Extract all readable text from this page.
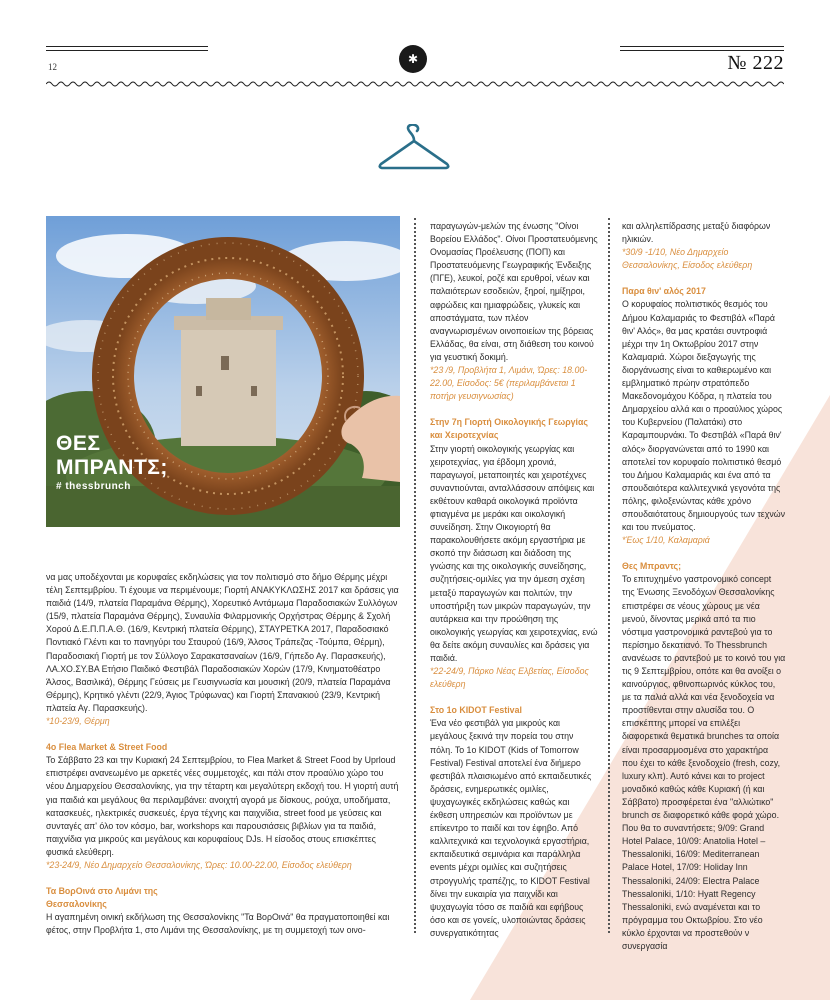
12
✱	№ 222
ΘΕΣ
ΜΠΡΑΝΤΣ;
# thessbrunch

να μας υποδέχονται με κορυφαίες εκδηλώσεις για τον πολιτισμό στο δήμο Θέρμης μέχρι τέλη Σεπτεμβρίου. Τι έχουμε να περιμένουμε; Γιορτή ΑΝΑΚΥΚΛΩΣΗΣ 2017 και δράσεις για παιδιά (14/9, πλατεία Παραμάνα Θέρμης), Χορευτικό Αντάμωμα Παραδοσιακών Συλλόγων (15/9, πλατεία Παραμάνα Θέρμης), Συναυλία Φιλαρμονικής Ορχήστρας Θέρμης & Σχολή Χορού Δ.Ε.Π.Π.Α.Θ. (16/9, Κεντρική πλατεία Θέρμης), ΣΤΑΥΡΕΤΚΑ 2017, Παραδοσιακό Ποντιακό Γλέντι και το πανηγύρι του Σταυρού (16/9, Άλσος Τράπεζας -Τούμπα, Θέρμη), Παραδοσιακή Γιορτή με τον Σύλλογο Σαρακατσαναίων (16/9, Γήπεδο Αγ. Παρασκευής), ΛΑ.ΧΟ.ΣΥ.ΒΑ Ετήσιο Παιδικό Φεστιβάλ Παραδοσιακών Χορών (17/9, Κινηματοθέατρο Άλσος, Βασιλικά), Θέρμης Γεύσεις με Γευσιγνωσία και μουσική (20/9, πλατεία Παραμάνα Θέρμης), Κρητικό γλέντι (22/9, Άγιος Τρύφωνας) και Γιορτή Σπανακιού (23/9, Κεντρική πλατεία Αγ. Παρασκευής).

*10-23/9, Θέρμη

4ο Flea Market & Street Food

Το Σάββατο 23 και την Κυριακή 24 Σεπτεμβρίου, το Flea Market & Street Food by Uprloud επιστρέφει ανανεωμένο με αρκετές νέες συμμετοχές, και πάλι στον προαύλιο χώρο του νέου Δημαρχείου Θεσσαλονίκης, για την τέταρτη και μεγαλύτερη εκδοχή του. Η γιορτή αυτή για παιδιά και μεγάλους θα περιλαμβάνει: ανοιχτή αγορά με δίσκους, ρούχα, υποδήματα, κατασκευές, ηλεκτρικές συσκευές, έργα τέχνης και παιχνίδια, street food με γεύσεις και συνταγές απ' όλο τον κόσμο, bar, workshops και παρουσιάσεις βιβλίων για τα παιδιά, παιχνίδια για μικρούς και μεγάλους και κορυφαίους DJs. Η είσοδος στους επισκέπτες φυσικά ελεύθερη.

*23-24/9, Νέο Δημαρχείο Θεσσαλονίκης, Ώρες: 10.00-22.00, Είσοδος ελεύθερη

Τα ΒορΟινά στο Λιμάνι της

Θεσσαλονίκης

Η αγαπημένη οινική εκδήλωση της Θεσσαλονίκης "Τα ΒορΟινά" θα πραγματοποιηθεί και φέτος, στην Προβλήτα 1, στο Λιμάνι της Θεσσαλονίκης, με τη συμμετοχή των οινο-

παραγωγών-μελών της ένωσης "Οίνοι Βορείου Ελλάδος". Οίνοι Προστατευόμενης Ονομασίας Προέλευσης (ΠΟΠ) και Προστατευόμενης Γεωγραφικής Ένδειξης (ΠΓΕ), λευκοί, ροζέ και ερυθροί, νέων και παλαιότερων εσοδειών, ξηροί, ημίξηροι, αφρώδεις και ημιαφρώδεις, γλυκείς και αποστάγματα, των πλέον αναγνωρισμένων οινοποιείων της βόρειας Ελλάδας, θα είναι, στη διάθεση του κοινού για γευστική δοκιμή.

*23 /9, Προβλήτα 1, Λιμάνι, Ώρες: 18.00-22.00, Είσοδος: 5€ (περιλαμβάνεται 1 ποτήρι γευσιγνωσίας)

Στην 7η Γιορτή Οικολογικής Γεωργίας και Χειροτεχνίας

Στην γιορτή οικολογικής γεωργίας και χειροτεχνίας, για έβδομη χρονιά, παραγωγοί, μεταποιητές και χειροτέχνες συναντιούνται, ανταλλάσσουν απόψεις και εκθέτουν καθαρά οικολογικά προϊόντα φτιαγμένα με μεράκι και οικολογική συνείδηση. Στην Οικογιορτή θα παρακολουθήσετε ακόμη εργαστήρια με σκοπό την διάσωση και διάδοση της γνώσης και της οικολογικής συνείδησης, συζητήσεις-ομιλίες για την άμεση σχέση μεταξύ παραγωγών και πολιτών, την υποστήριξη των μικρών παραγωγών, την αυτάρκεια και την προώθηση της οικολογικής γεωργίας και χειροτεχνίας, ενώ θα δείτε ακόμη συναυλίες και δράσεις για παιδιά.

*22-24/9, Πάρκο Νέας Ελβετίας, Είσοδος ελεύθερη

Στο 1ο KIDOT Festival

Ένα νέο φεστιβάλ για μικρούς και μεγάλους ξεκινά την πορεία του στην πόλη. Το 1ο KIDOT (Kids of Tomorrow Festival) Festival αποτελεί ένα διήμερο φεστιβάλ πλαισιωμένο από εκπαιδευτικές δράσεις, ενημερωτικές ομιλίες, ψυχαγωγικές εκδηλώσεις καθώς και έκθεση υπηρεσιών και προϊόντων με επίκεντρο το παιδί και τον έφηβο. Από καλλιτεχνικά και τεχνολογικά εργαστήρια, εκπαιδευτικά σεμινάρια και παράλληλα events μέχρι ομιλίες και συζητήσεις στρογγυλής τραπέζης, το KIDOT Festival δίνει την ευκαιρία για παιχνίδι και ψυχαγωγία τόσο σε παιδιά και εφήβους όσο και σε γονείς, υλοποιώντας δράσεις συνεργατικότητας

και αλληλεπίδρασης μεταξύ διαφόρων ηλικιών.

*30/9 -1/10, Νέο Δημαρχείο Θεσσαλονίκης, Είσοδος ελεύθερη

Παρα θιν' αλός 2017

Ο κορυφαίος πολιτιστικός θεσμός του Δήμου Καλαμαριάς το Φεστιβάλ «Παρά θιν' Αλός», θα μας κρατάει συντροφιά μέχρι την 1η Οκτωβρίου 2017 στην Καλαμαριά. Χώροι διεξαγωγής της διοργάνωσης είναι το καθιερωμένο και εμβληματικό πρώην στρατόπεδο Μακεδονομάχου Κόδρα, η πλατεία του Δημαρχείου αλλά και ο προαύλιος χώρος του Κυβερνείου (Παλατάκι) στο Καραμπουρνάκι. Το Φεστιβάλ «Παρά θιν' αλός» διοργανώνεται από το 1990 και αποτελεί τον κορυφαίο πολιτιστικό θεσμό του Δήμου Καλαμαριάς και ένα από τα σπουδαιότερα καλλιτεχνικά γεγονότα της πόλης, φιλοξενώντας κάθε χρόνο σπουδαιότατους δημιουργούς των τεχνών και του πνεύματος.

*Έως 1/10, Καλαμαριά

Θες Μπραντς;

Το επιτυχημένο γαστρονομικό concept της Ένωσης Ξενοδόχων Θεσσαλονίκης επιστρέφει σε νέους χώρους με νέα μενού, δίνοντας μερικά από τα πιο νόστιμα γαστρονομικά ραντεβού για το περίσημο δεκατιανό. Το Thessbrunch ανανέωσε το ραντεβού με το κοινό του για τις 9 Σεπτεμβρίου, οπότε και θα ανοίξει ο καινούργιος, φθινοπωρινός κύκλος του, με τα παλιά αλλά και νέα ξενοδοχεία να προστίθενται στην αλυσίδα του. Ο επισκέπτης μπορεί να επιλέξει διαφορετικά θεματικά brunches τα οποία είναι προσαρμοσμένα στο χαρακτήρα που έχει το κάθε ξενοδοχείο (fresh, cozy, luxury κλπ). Αυτό κάνει και το project μοναδικό καθώς κάθε Κυριακή (ή και Σάββατο) προσφέρεται ένα "αλλιώτικο" brunch σε διαφορετικό κάθε φορά χώρο. Που θα το συναντήσετε; 9/09: Grand Hotel Palace, 10/09: Anatolia Hotel –Thessaloniki, 16/09: Mediterranean Palace Hotel, 17/09: Holiday Inn Thessaloniki, 24/09: Electra Palace Thessaloniki, 1/10: Hyatt Regency Thessaloniki, ενώ αναμένεται και το πρόγραμμα του Οκτωβρίου. Στο νέο κύκλο έρχονται να προστεθούν ν συνεργασία
